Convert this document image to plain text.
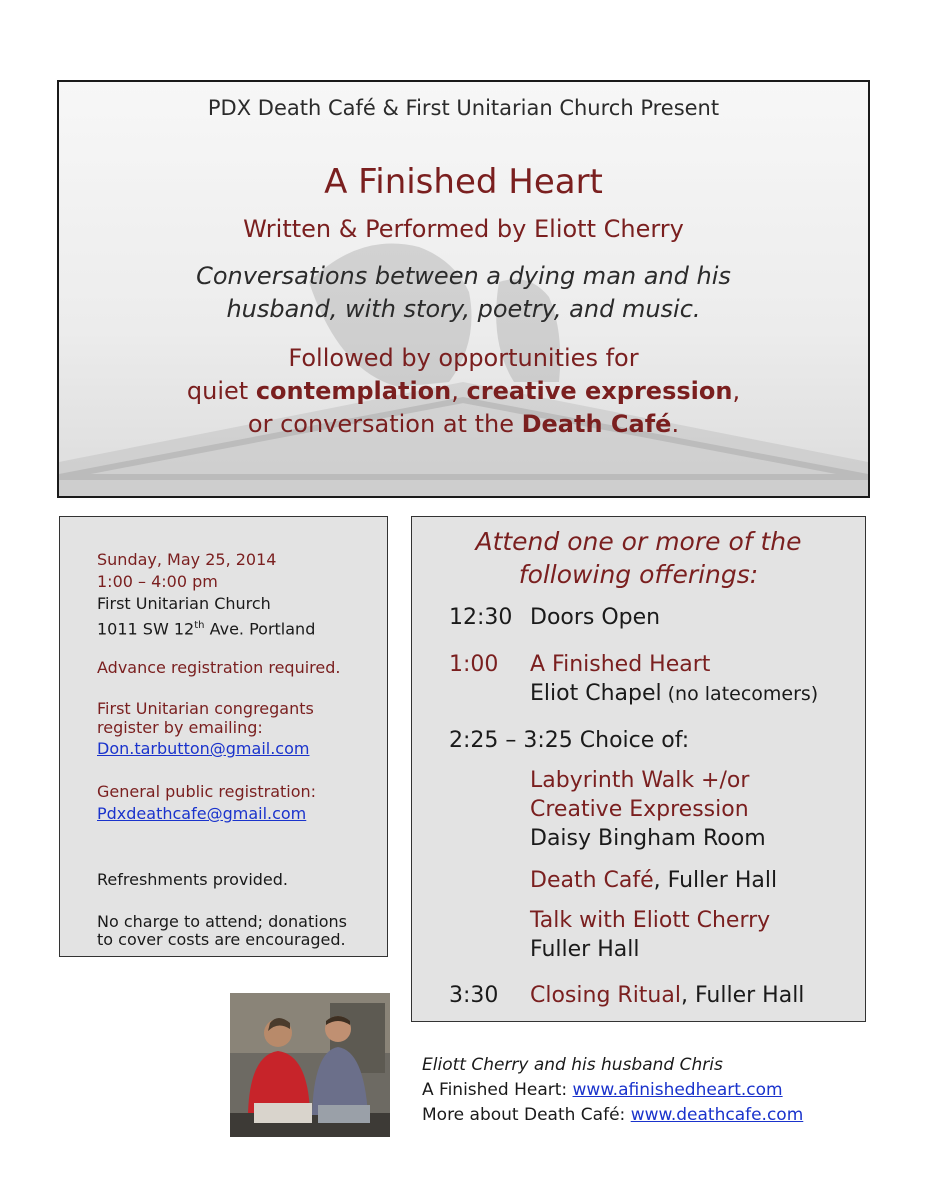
PDX Death Café & First Unitarian Church Present
A Finished Heart
Written & Performed by Eliott Cherry
Conversations between a dying man and his
husband, with story, poetry, and music.
Followed by opportunities for
quiet contemplation, creative expression,
or conversation at the Death Café.
Sunday, May 25, 2014
1:00 – 4:00 pm
First Unitarian Church
1011 SW 12th Ave. Portland
Advance registration required.
First Unitarian congregants
register by emailing:
Don.tarbutton@gmail.com
General public registration:
Pdxdeathcafe@gmail.com
Refreshments provided.
No charge to attend; donations
to cover costs are encouraged.
Attend one or more of the
following offerings:
12:30 Doors Open
1:00 A Finished Heart
Eliot Chapel (no latecomers)
2:25 – 3:25 Choice of:
Labyrinth Walk +/or
Creative Expression
Daisy Bingham Room
Death Café, Fuller Hall
Talk with Eliott Cherry
Fuller Hall
3:30 Closing Ritual, Fuller Hall
Eliott Cherry and his husband Chris
A Finished Heart: www.afinishedheart.com
More about Death Café: www.deathcafe.com
